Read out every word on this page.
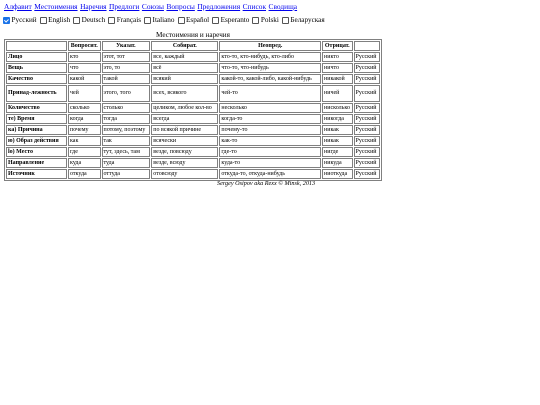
Алфавит Местоимения Наречия Предлоги Союзы Вопросы Предложения Список Сводища
Русский English Deutsch Français Italiano Español Esperanto Polski Беларуская
Местоимения и наречия
	Вопросит.	Указат.	Собират.	Неопред.	Отрицат.	
Лицо	кто	этот, тот	все, каждый	кто-то, кто-нибудь, кто-либо	никто	Русский
Вещь	что	это, то	всё	что-то, что-нибудь	ничто	Русский
Качество	какой	такой	всякий	какой-то, какой-либо, какой-нибудь	никакой	Русский
Принад-лежность	чей	этого, того	всех, всякого	чей-то	ничей	Русский
Количество	сколько	столько	целиком, любое кол-во	несколько	нисколько	Русский
те) Время	когда	тогда	всегда	когда-то	никогда	Русский
ка) Причина	почему	потому, поэтому	по всякой причине	почему-то	никак	Русский
ю) Образ действия	как	так	всячески	как-то	никак	Русский
lo) Место	где	тут, здесь, там	везде, повсюду	где-то	нигде	Русский
Направление	куда	туда	везде, всюду	куда-то	никуда	Русский
Источник	откуда	оттуда	отовсюду	откуда-то, откуда-нибудь	ниоткуда	Русский
Sergey Osipov aka Rexx © Minsk, 2013
